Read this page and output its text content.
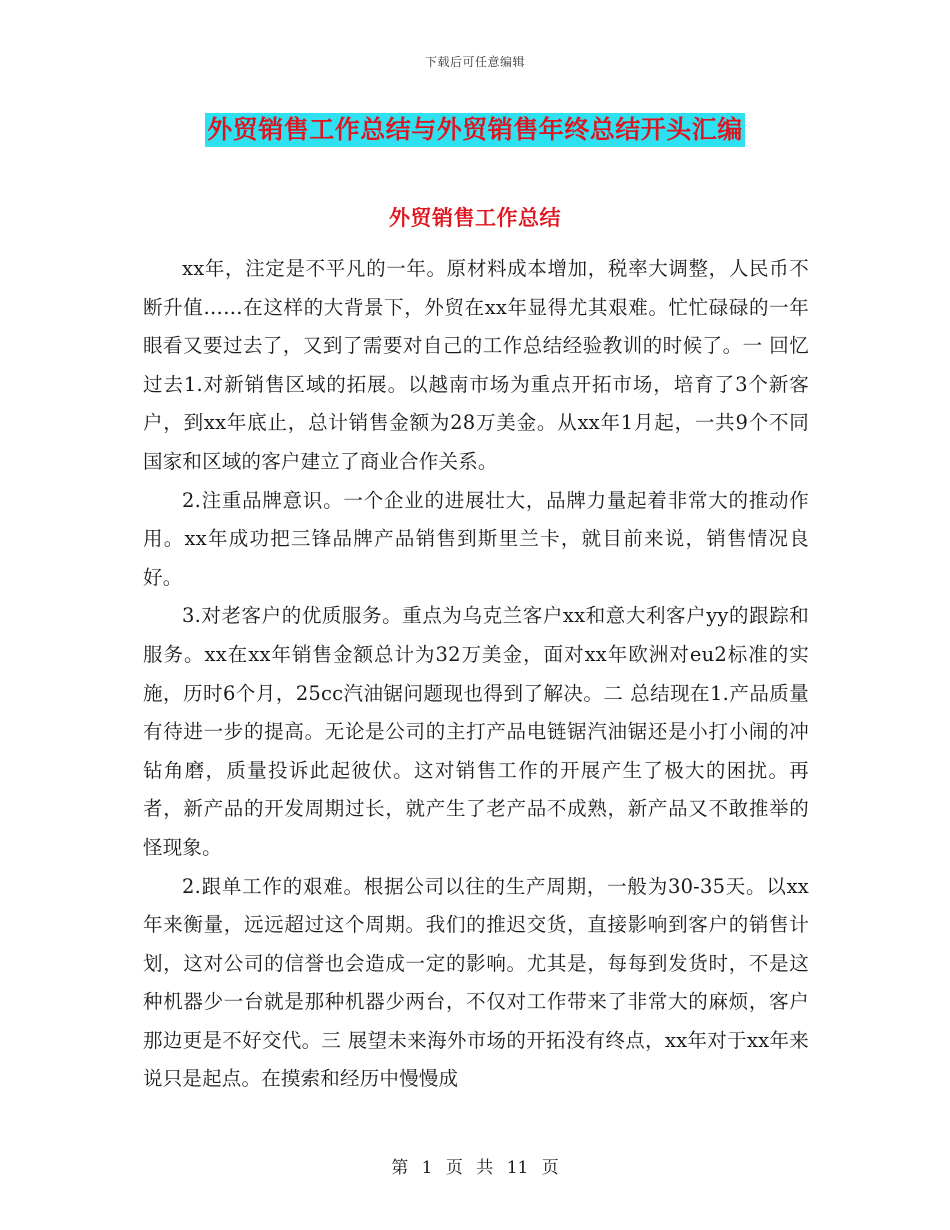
下载后可任意编辑
外贸销售工作总结与外贸销售年终总结开头汇编
外贸销售工作总结

xx年，注定是不平凡的一年。原材料成本增加，税率大调整，人民币不断升值……在这样的大背景下，外贸在xx年显得尤其艰难。忙忙碌碌的一年眼看又要过去了，又到了需要对自己的工作总结经验教训的时候了。一 回忆过去1.对新销售区域的拓展。以越南市场为重点开拓市场，培育了3个新客户，到xx年底止，总计销售金额为28万美金。从xx年1月起，一共9个不同国家和区域的客户建立了商业合作关系。

2.注重品牌意识。一个企业的进展壮大，品牌力量起着非常大的推动作用。xx年成功把三锋品牌产品销售到斯里兰卡，就目前来说，销售情况良好。

3.对老客户的优质服务。重点为乌克兰客户xx和意大利客户yy的跟踪和服务。xx在xx年销售金额总计为32万美金，面对xx年欧洲对eu2标准的实施，历时6个月，25cc汽油锯问题现也得到了解决。二 总结现在1.产品质量有待进一步的提高。无论是公司的主打产品电链锯汽油锯还是小打小闹的冲钻角磨，质量投诉此起彼伏。这对销售工作的开展产生了极大的困扰。再者，新产品的开发周期过长，就产生了老产品不成熟，新产品又不敢推举的怪现象。

2.跟单工作的艰难。根据公司以往的生产周期，一般为30-35天。以xx年来衡量，远远超过这个周期。我们的推迟交货，直接影响到客户的销售计划，这对公司的信誉也会造成一定的影响。尤其是，每每到发货时，不是这种机器少一台就是那种机器少两台，不仅对工作带来了非常大的麻烦，客户那边更是不好交代。三 展望未来海外市场的开拓没有终点，xx年对于xx年来说只是起点。在摸索和经历中慢慢成

第 1 页 共 11 页
